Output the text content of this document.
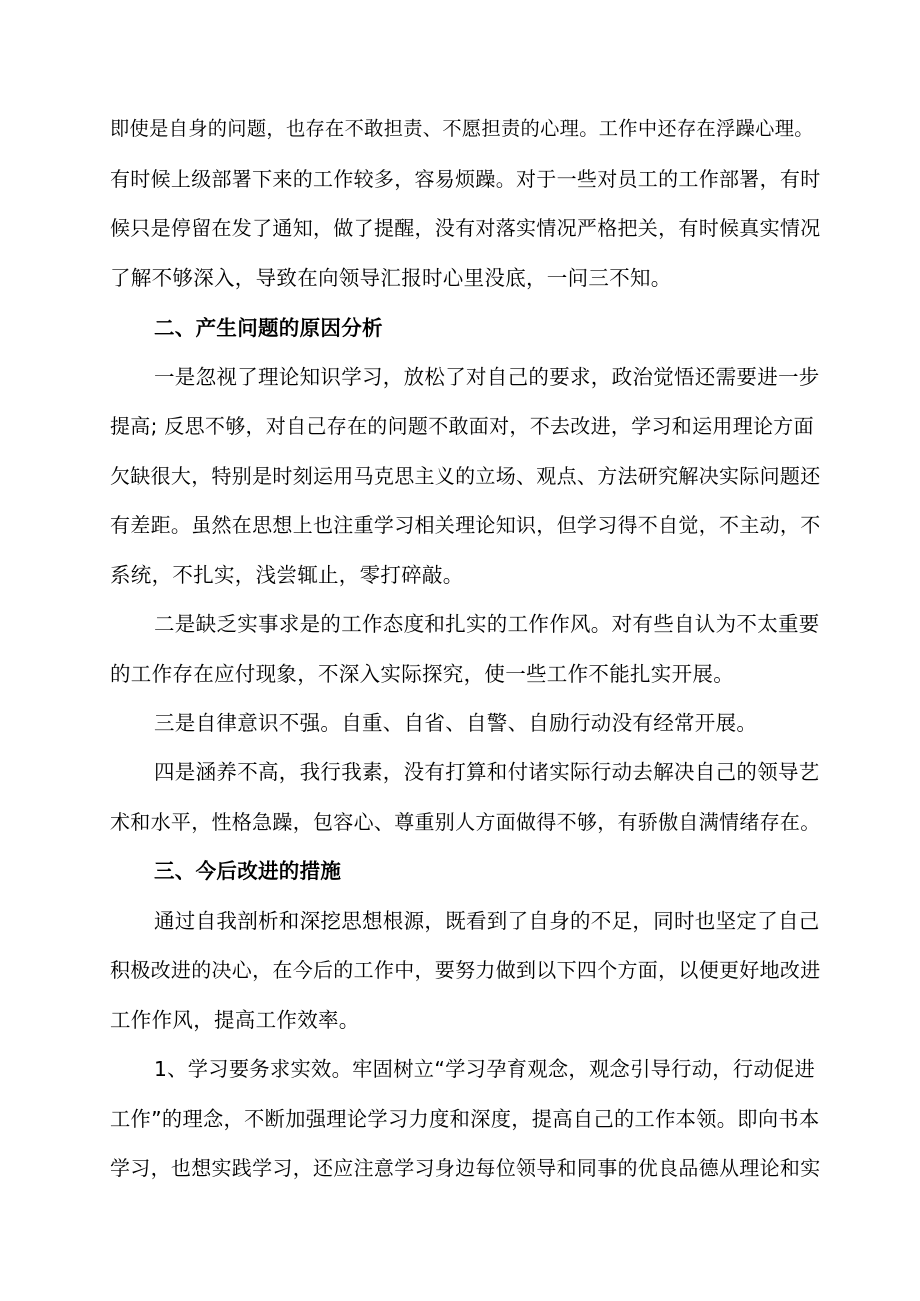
即使是自身的问题，也存在不敢担责、不愿担责的心理。工作中还存在浮躁心理。
有时候上级部署下来的工作较多，容易烦躁。对于一些对员工的工作部署，有时
候只是停留在发了通知，做了提醒，没有对落实情况严格把关，有时候真实情况
了解不够深入，导致在向领导汇报时心里没底，一问三不知。
二、产生问题的原因分析
一是忽视了理论知识学习，放松了对自己的要求，政治觉悟还需要进一步
提高; 反思不够，对自己存在的问题不敢面对，不去改进，学习和运用理论方面
欠缺很大，特别是时刻运用马克思主义的立场、观点、方法研究解决实际问题还
有差距。虽然在思想上也注重学习相关理论知识，但学习得不自觉，不主动，不
系统，不扎实，浅尝辄止，零打碎敲。
二是缺乏实事求是的工作态度和扎实的工作作风。对有些自认为不太重要
的工作存在应付现象，不深入实际探究，使一些工作不能扎实开展。
三是自律意识不强。自重、自省、自警、自励行动没有经常开展。
四是涵养不高，我行我素，没有打算和付诸实际行动去解决自己的领导艺
术和水平，性格急躁，包容心、尊重别人方面做得不够，有骄傲自满情绪存在。
三、今后改进的措施
通过自我剖析和深挖思想根源，既看到了自身的不足，同时也坚定了自己
积极改进的决心，在今后的工作中，要努力做到以下四个方面，以便更好地改进
工作作风，提高工作效率。
1、学习要务求实效。牢固树立“学习孕育观念，观念引导行动，行动促进
工作”的理念，不断加强理论学习力度和深度，提高自己的工作本领。即向书本
学习，也想实践学习，还应注意学习身边每位领导和同事的优良品德从理论和实
